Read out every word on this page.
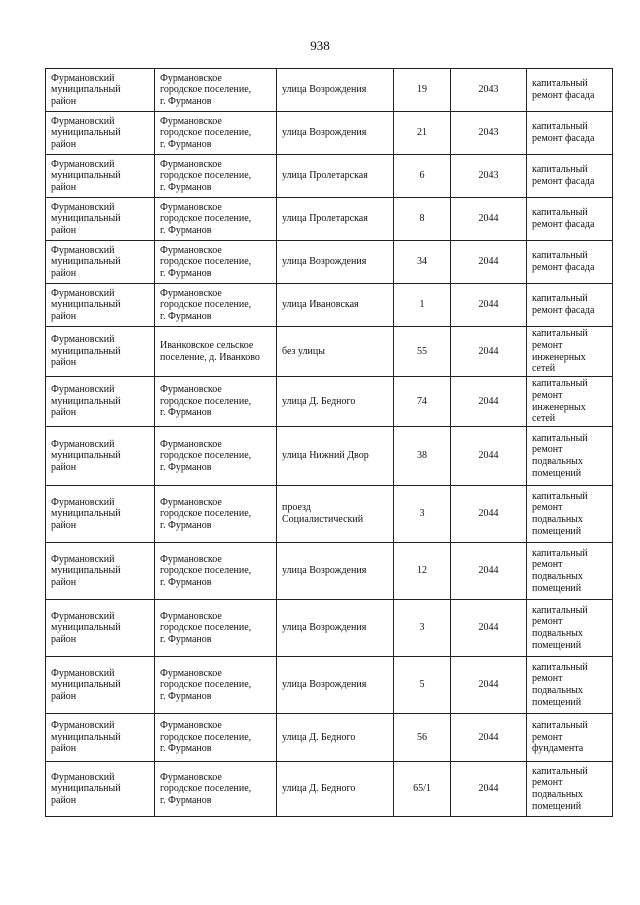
938
Фурмановский
муниципальный
район	Фурмановское
городское поселение,
г. Фурманов	улица Возрождения	19	2043	капитальный
ремонт фасада
Фурмановский
муниципальный
район	Фурмановское
городское поселение,
г. Фурманов	улица Возрождения	21	2043	капитальный
ремонт фасада
Фурмановский
муниципальный
район	Фурмановское
городское поселение,
г. Фурманов	улица Пролетарская	6	2043	капитальный
ремонт фасада
Фурмановский
муниципальный
район	Фурмановское
городское поселение,
г. Фурманов	улица Пролетарская	8	2044	капитальный
ремонт фасада
Фурмановский
муниципальный
район	Фурмановское
городское поселение,
г. Фурманов	улица Возрождения	34	2044	капитальный
ремонт фасада
Фурмановский
муниципальный
район	Фурмановское
городское поселение,
г. Фурманов	улица Ивановская	1	2044	капитальный
ремонт фасада
Фурмановский
муниципальный
район	Иванковское сельское
поселение, д. Иванково	без улицы	55	2044	капитальный
ремонт
инженерных
сетей
Фурмановский
муниципальный
район	Фурмановское
городское поселение,
г. Фурманов	улица Д. Бедного	74	2044	капитальный
ремонт
инженерных
сетей
Фурмановский
муниципальный
район	Фурмановское
городское поселение,
г. Фурманов	улица Нижний Двор	38	2044	капитальный
ремонт
подвальных
помещений
Фурмановский
муниципальный
район	Фурмановское
городское поселение,
г. Фурманов	проезд
Социалистический	3	2044	капитальный
ремонт
подвальных
помещений
Фурмановский
муниципальный
район	Фурмановское
городское поселение,
г. Фурманов	улица Возрождения	12	2044	капитальный
ремонт
подвальных
помещений
Фурмановский
муниципальный
район	Фурмановское
городское поселение,
г. Фурманов	улица Возрождения	3	2044	капитальный
ремонт
подвальных
помещений
Фурмановский
муниципальный
район	Фурмановское
городское поселение,
г. Фурманов	улица Возрождения	5	2044	капитальный
ремонт
подвальных
помещений
Фурмановский
муниципальный
район	Фурмановское
городское поселение,
г. Фурманов	улица Д. Бедного	56	2044	капитальный
ремонт
фундамента
Фурмановский
муниципальный
район	Фурмановское
городское поселение,
г. Фурманов	улица Д. Бедного	65/1	2044	капитальный
ремонт
подвальных
помещений
